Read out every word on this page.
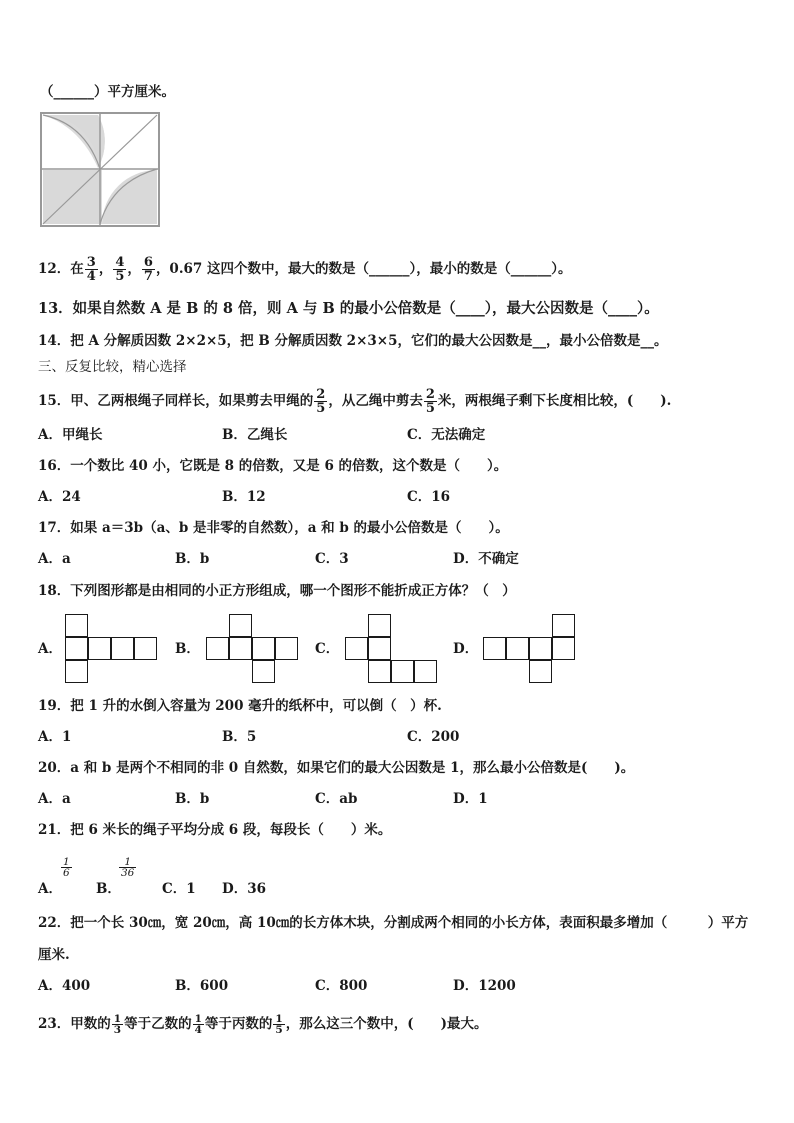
（______）平方厘米。
12．在 $\frac{3}{4}$ ， $\frac{4}{5}$ ， $\frac{6}{7}$ ，0.67 这四个数中，最大的数是（______），最小的数是（______）。
13．如果自然数 A 是 B 的 8 倍，则 A 与 B 的最小公倍数是（____），最大公因数是（____）。
14．把 A 分解质因数 2×2×5，把 B 分解质因数 2×3×5，它们的最大公因数是__，最小公倍数是__。
三、反复比较，精心选择
15．甲、乙两根绳子同样长，如果剪去甲绳的 $\frac{2}{5}$ ，从乙绳中剪去 $\frac{2}{5}$ 米，两根绳子剩下长度相比较，(　　).
A．甲绳长	B．乙绳长	C．无法确定
16．一个数比 40 小，它既是 8 的倍数，又是 6 的倍数，这个数是（　　）。
A．24	B．12	C．16
17．如果 a＝3b（a、b 是非零的自然数），a 和 b 的最小公倍数是（　　）。
A．a	B．b	C．3	D．不确定
18．下列图形都是由相同的小正方形组成，哪一个图形不能折成正方体？（　）
A．	B．	C．	D．
19．把 1 升的水倒入容量为 200 毫升的纸杯中，可以倒（　）杯.
A．1	B．5	C．200
20．a 和 b 是两个不相同的非 0 自然数，如果它们的最大公因数是 1，那么最小公倍数是(　　)。
A．a	B．b	C．ab	D．1
21．把 6 米长的绳子平均分成 6 段，每段长（　　）米。
A．
$\frac{1}{6}$
B．
$\frac{1}{36}$
C．1 D．36
22．把一个长 30㎝，宽 20㎝，高 10㎝的长方体木块，分割成两个相同的小长方体，表面积最多增加（　　　）平方
厘米.
A．400	B．600	C．800	D．1200
23．甲数的 $\frac{1}{3}$ 等于乙数的 $\frac{1}{4}$ 等于丙数的 $\frac{1}{5}$ ，那么这三个数中，(　　)最大。
